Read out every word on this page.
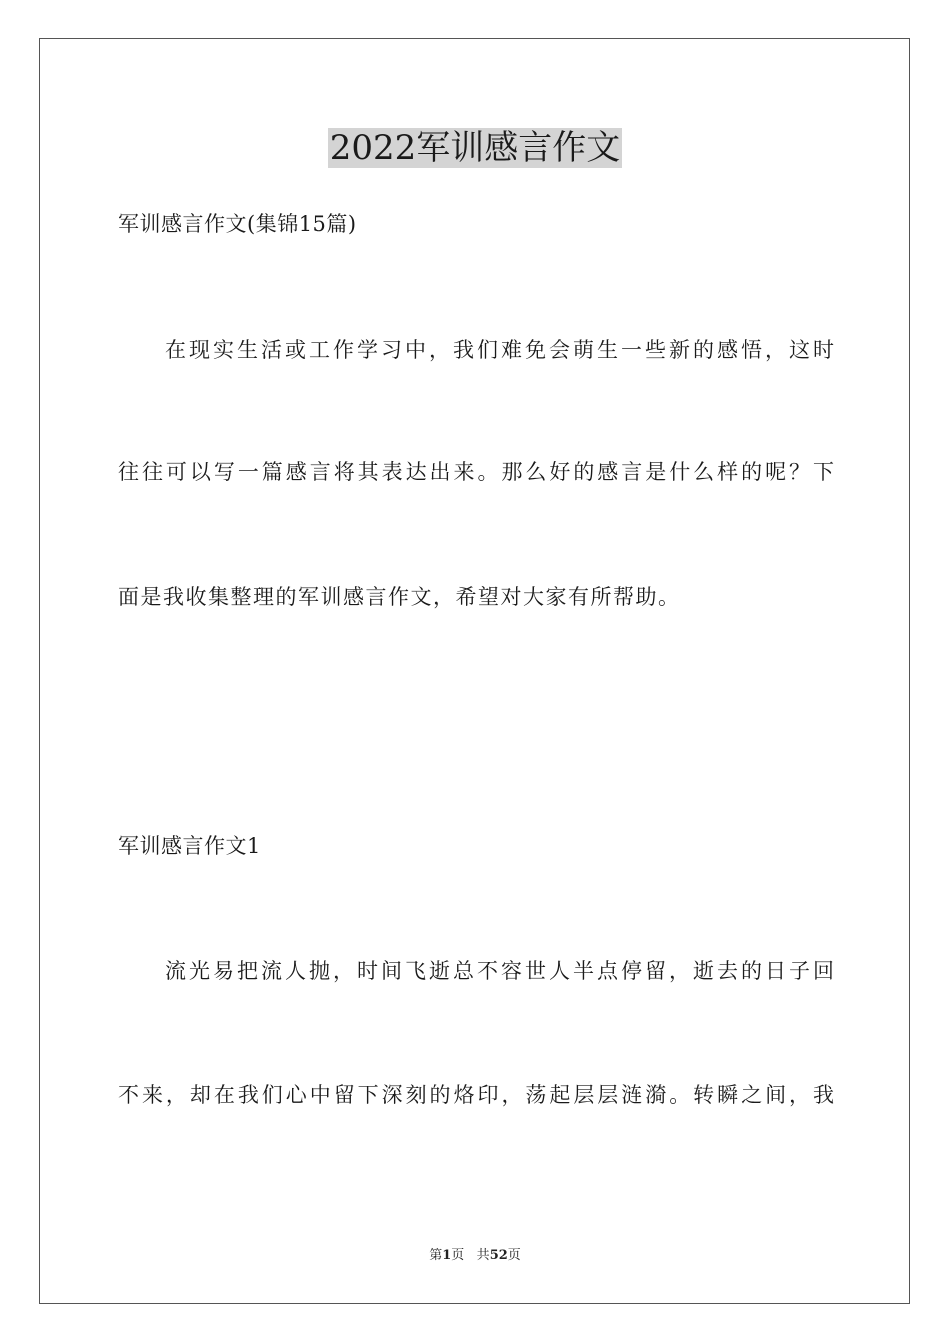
2022军训感言作文
军训感言作文(集锦15篇)
在现实生活或工作学习中，我们难免会萌生一些新的感悟，这时
往往可以写一篇感言将其表达出来。那么好的感言是什么样的呢？下
面是我收集整理的军训感言作文，希望对大家有所帮助。
军训感言作文1
流光易把流人抛，时间飞逝总不容世人半点停留，逝去的日子回
不来，却在我们心中留下深刻的烙印，荡起层层涟漪。转瞬之间，我
第1页 共52页
